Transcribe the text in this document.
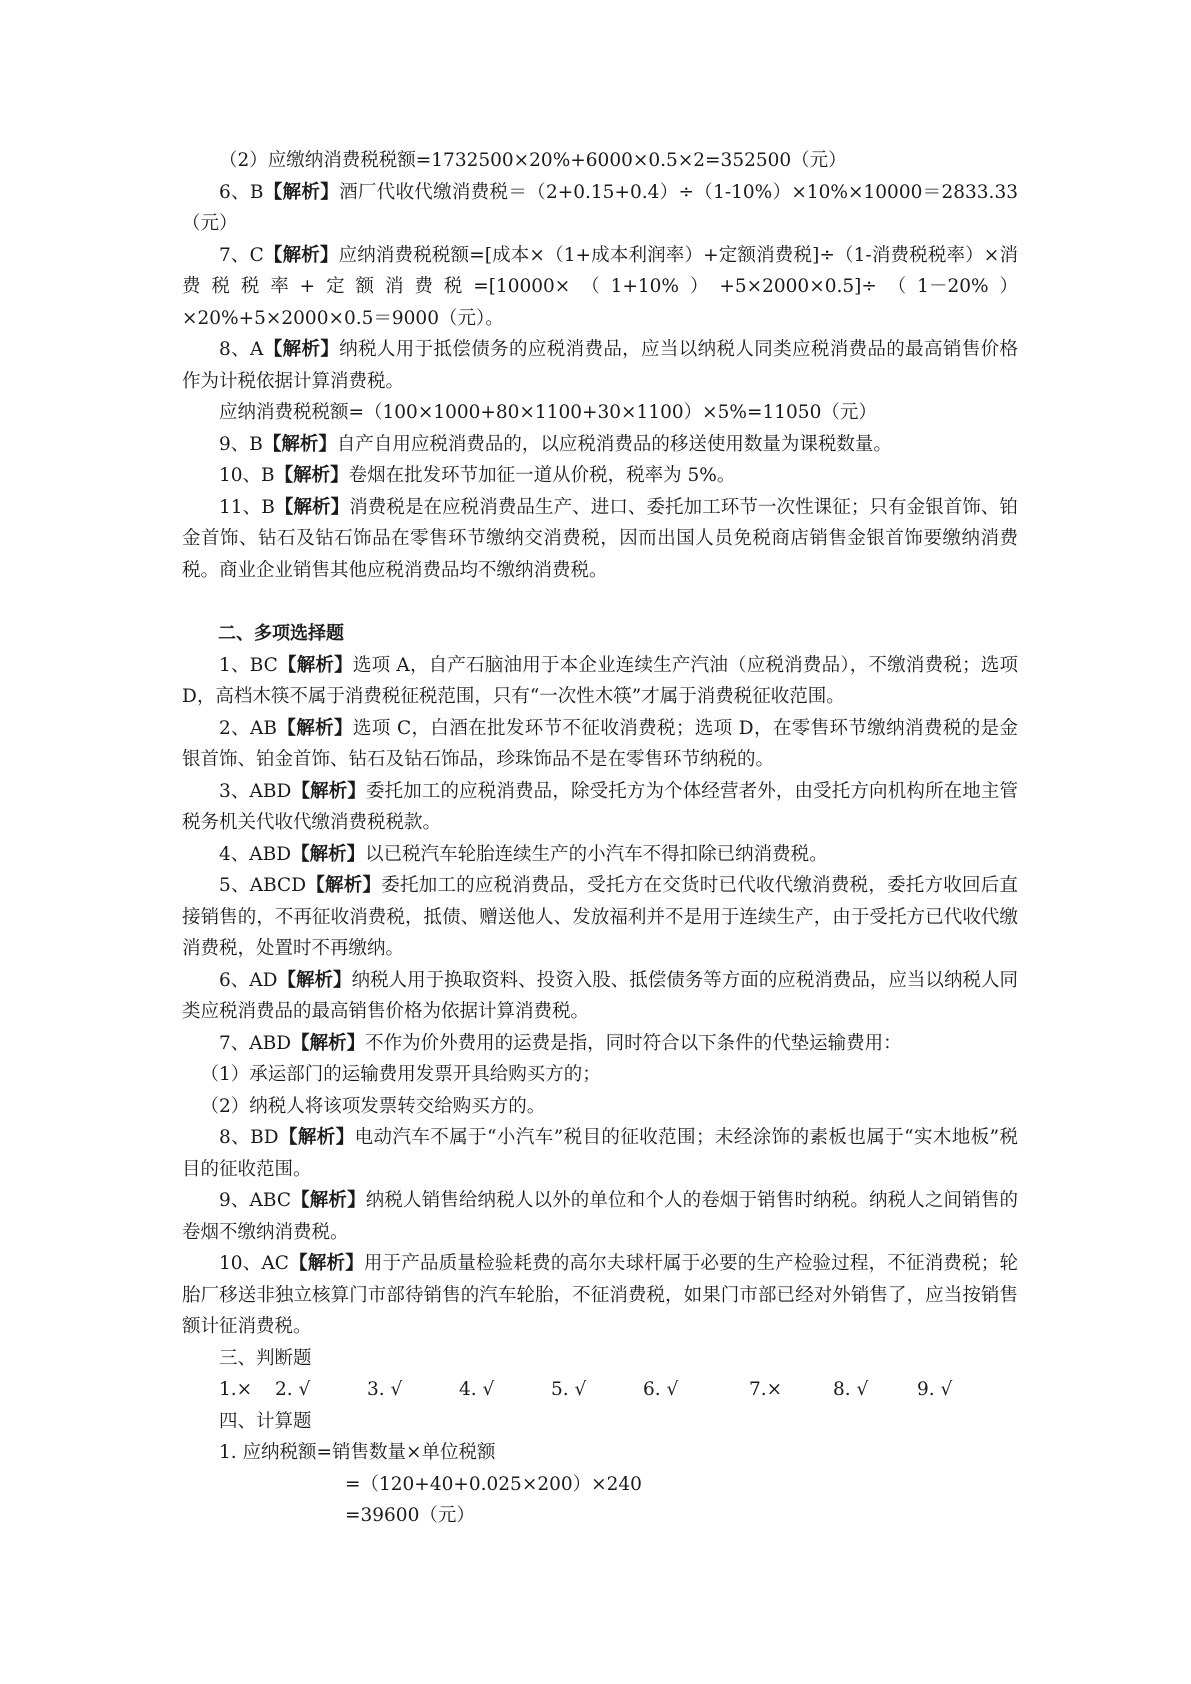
（2）应缴纳消费税税额=1732500×20%+6000×0.5×2=352500（元）

6、B【解析】酒厂代收代缴消费税＝（2+0.15+0.4）÷（1-10%）×10%×10000＝2833.33（元）

7、C【解析】应纳消费税税额=[成本×（1+成本利润率）+定额消费税]÷（1-消费税税率）×消费税税率+定额消费税=[10000×（1+10%）+5×2000×0.5]÷（1－20%）×20%+5×2000×0.5＝9000（元）。

8、A【解析】纳税人用于抵偿债务的应税消费品，应当以纳税人同类应税消费品的最高销售价格作为计税依据计算消费税。

应纳消费税税额=（100×1000+80×1100+30×1100）×5%=11050（元）

9、B【解析】自产自用应税消费品的，以应税消费品的移送使用数量为课税数量。

10、B【解析】卷烟在批发环节加征一道从价税，税率为 5%。

11、B【解析】消费税是在应税消费品生产、进口、委托加工环节一次性课征；只有金银首饰、铂金首饰、钻石及钻石饰品在零售环节缴纳交消费税，因而出国人员免税商店销售金银首饰要缴纳消费税。商业企业销售其他应税消费品均不缴纳消费税。

二、多项选择题

1、BC【解析】选项 A，自产石脑油用于本企业连续生产汽油（应税消费品），不缴消费税；选项 D，高档木筷不属于消费税征税范围，只有“一次性木筷”才属于消费税征收范围。

2、AB【解析】选项 C，白酒在批发环节不征收消费税；选项 D，在零售环节缴纳消费税的是金银首饰、铂金首饰、钻石及钻石饰品，珍珠饰品不是在零售环节纳税的。

3、ABD【解析】委托加工的应税消费品，除受托方为个体经营者外，由受托方向机构所在地主管税务机关代收代缴消费税税款。

4、ABD【解析】以已税汽车轮胎连续生产的小汽车不得扣除已纳消费税。

5、ABCD【解析】委托加工的应税消费品，受托方在交货时已代收代缴消费税，委托方收回后直接销售的，不再征收消费税，抵债、赠送他人、发放福利并不是用于连续生产，由于受托方已代收代缴消费税，处置时不再缴纳。

6、AD【解析】纳税人用于换取资料、投资入股、抵偿债务等方面的应税消费品，应当以纳税人同类应税消费品的最高销售价格为依据计算消费税。

7、ABD【解析】不作为价外费用的运费是指，同时符合以下条件的代垫运输费用：

（1）承运部门的运输费用发票开具给购买方的；

（2）纳税人将该项发票转交给购买方的。

8、BD【解析】电动汽车不属于“小汽车”税目的征收范围；未经涂饰的素板也属于“实木地板”税目的征收范围。

9、ABC【解析】纳税人销售给纳税人以外的单位和个人的卷烟于销售时纳税。纳税人之间销售的卷烟不缴纳消费税。

10、AC【解析】用于产品质量检验耗费的高尔夫球杆属于必要的生产检验过程，不征消费税；轮胎厂移送非独立核算门市部待销售的汽车轮胎，不征消费税，如果门市部已经对外销售了，应当按销售额计征消费税。

三、判断题

1.×	2. √	3. √	4. √	5. √	6. √	7.×	8. √	9. √

四、计算题

1. 应纳税额=销售数量×单位税额

=（120+40+0.025×200）×240

=39600（元）
